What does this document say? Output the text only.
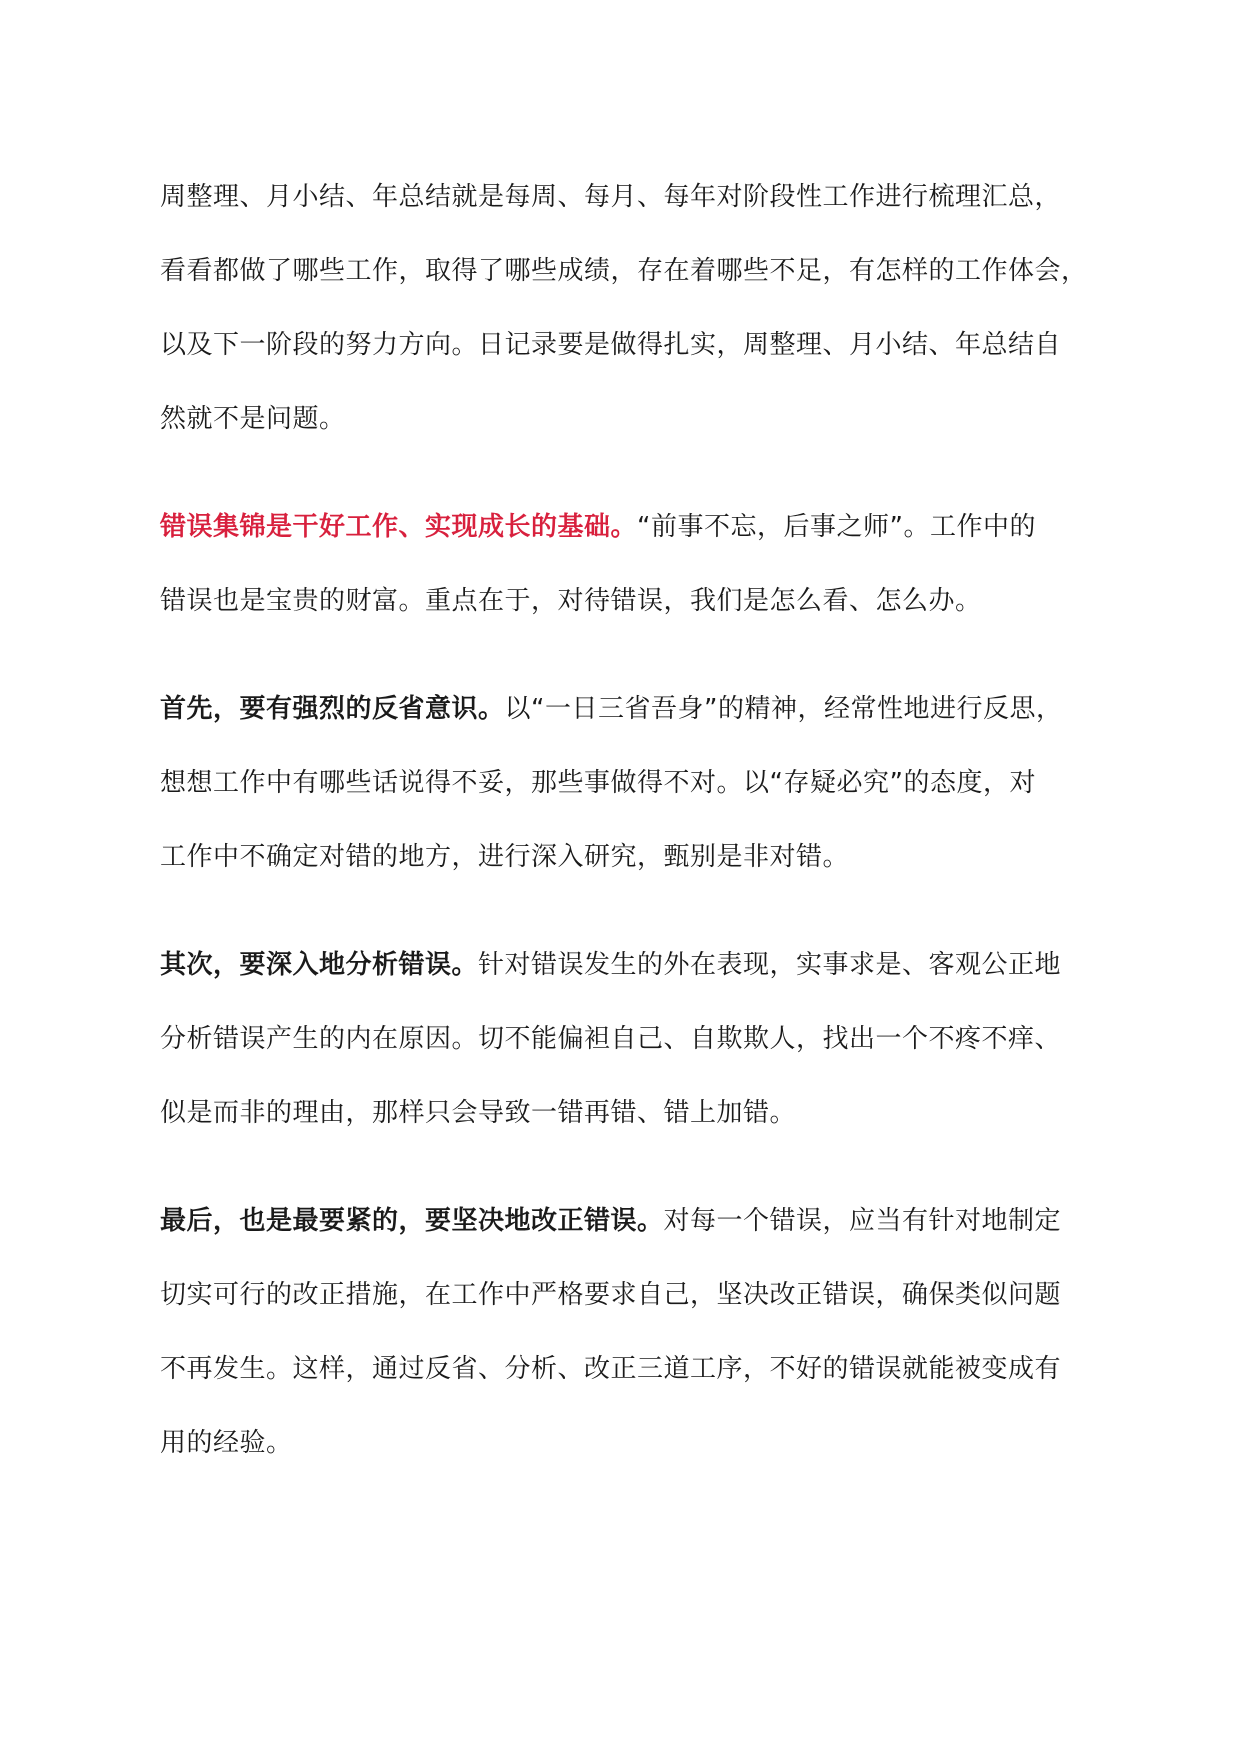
周整理、月小结、年总结就是每周、每月、每年对阶段性工作进行梳理汇总，
看看都做了哪些工作，取得了哪些成绩，存在着哪些不足，有怎样的工作体会，
以及下一阶段的努力方向。日记录要是做得扎实，周整理、月小结、年总结自
然就不是问题。

错误集锦是干好工作、实现成长的基础。“前事不忘，后事之师”。工作中的
错误也是宝贵的财富。重点在于，对待错误，我们是怎么看、怎么办。

首先，要有强烈的反省意识。以“一日三省吾身”的精神，经常性地进行反思，
想想工作中有哪些话说得不妥，那些事做得不对。以“存疑必究”的态度，对
工作中不确定对错的地方，进行深入研究，甄别是非对错。

其次，要深入地分析错误。针对错误发生的外在表现，实事求是、客观公正地
分析错误产生的内在原因。切不能偏袒自己、自欺欺人，找出一个不疼不痒、
似是而非的理由，那样只会导致一错再错、错上加错。

最后，也是最要紧的，要坚决地改正错误。对每一个错误，应当有针对地制定
切实可行的改正措施，在工作中严格要求自己，坚决改正错误，确保类似问题
不再发生。这样，通过反省、分析、改正三道工序，不好的错误就能被变成有
用的经验。
